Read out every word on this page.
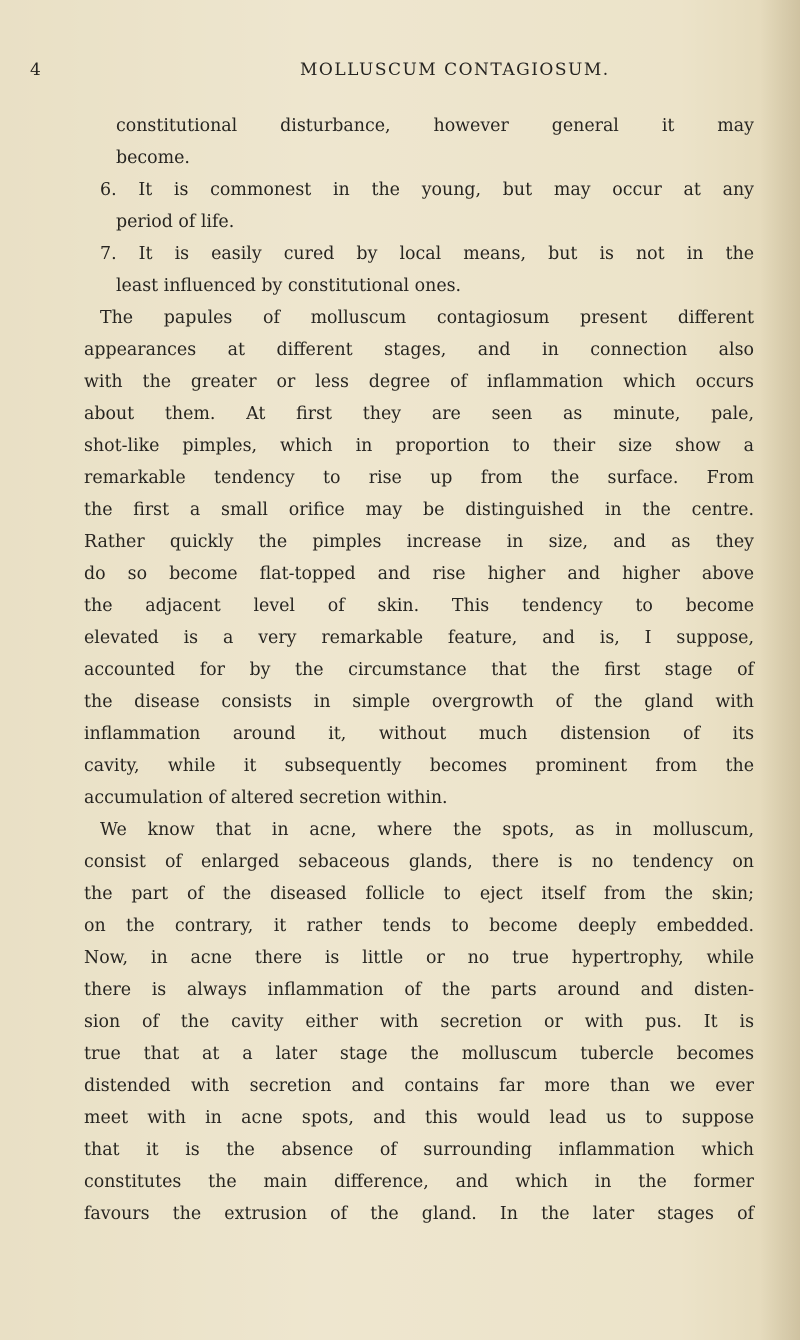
4	MOLLUSCUM CONTAGIOSUM.
constitutional disturbance, however general it may
become.
6. It is commonest in the young, but may occur at any
period of life.
7. It is easily cured by local means, but is not in the
least influenced by constitutional ones.
The papules of molluscum contagiosum present different
appearances at different stages, and in connection also
with the greater or less degree of inflammation which occurs
about them. At first they are seen as minute, pale,
shot-like pimples, which in proportion to their size show a
remarkable tendency to rise up from the surface. From
the first a small orifice may be distinguished in the centre.
Rather quickly the pimples increase in size, and as they
do so become flat-topped and rise higher and higher above
the adjacent level of skin. This tendency to become
elevated is a very remarkable feature, and is, I suppose,
accounted for by the circumstance that the first stage of
the disease consists in simple overgrowth of the gland with
inflammation around it, without much distension of its
cavity, while it subsequently becomes prominent from the
accumulation of altered secretion within.
We know that in acne, where the spots, as in molluscum,
consist of enlarged sebaceous glands, there is no tendency on
the part of the diseased follicle to eject itself from the skin;
on the contrary, it rather tends to become deeply embedded.
Now, in acne there is little or no true hypertrophy, while
there is always inflammation of the parts around and disten-
sion of the cavity either with secretion or with pus. It is
true that at a later stage the molluscum tubercle becomes
distended with secretion and contains far more than we ever
meet with in acne spots, and this would lead us to suppose
that it is the absence of surrounding inflammation which
constitutes the main difference, and which in the former
favours the extrusion of the gland. In the later stages of
